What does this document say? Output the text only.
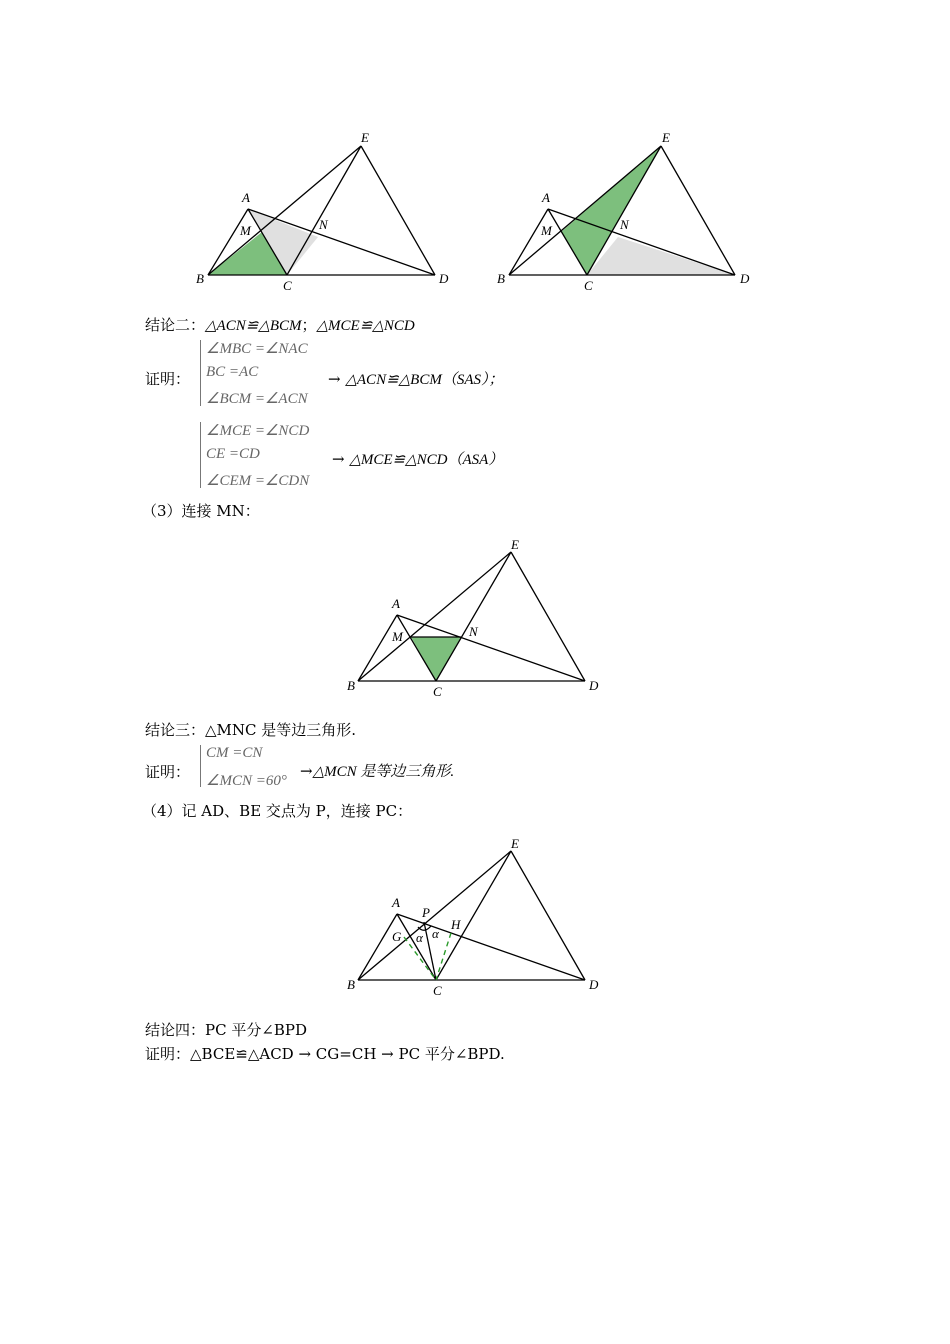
E
A
M	N
B	C	D
E
A
M	N
B	C	D
结论二：△ACN≌△BCM；△MCE≌△NCD
证明：
∠MBC =∠NAC
BC =AC
∠BCM =∠ACN
→ △ACN≌△BCM（SAS）；
∠MCE =∠NCD
CE =CD
∠CEM =∠CDN
→ △MCE≌△NCD（ASA）
（3）连接 MN：
E
A
M	N
B	C	D
结论三：△MNC 是等边三角形.
证明：
CM =CN
∠MCN =60°
→△MCN 是等边三角形.
（4）记 AD、BE 交点为 P，连接 PC：
E
A
P
G
H
α α
B	C	D
结论四：PC 平分∠BPD
证明：△BCE≌△ACD → CG=CH → PC 平分∠BPD.
